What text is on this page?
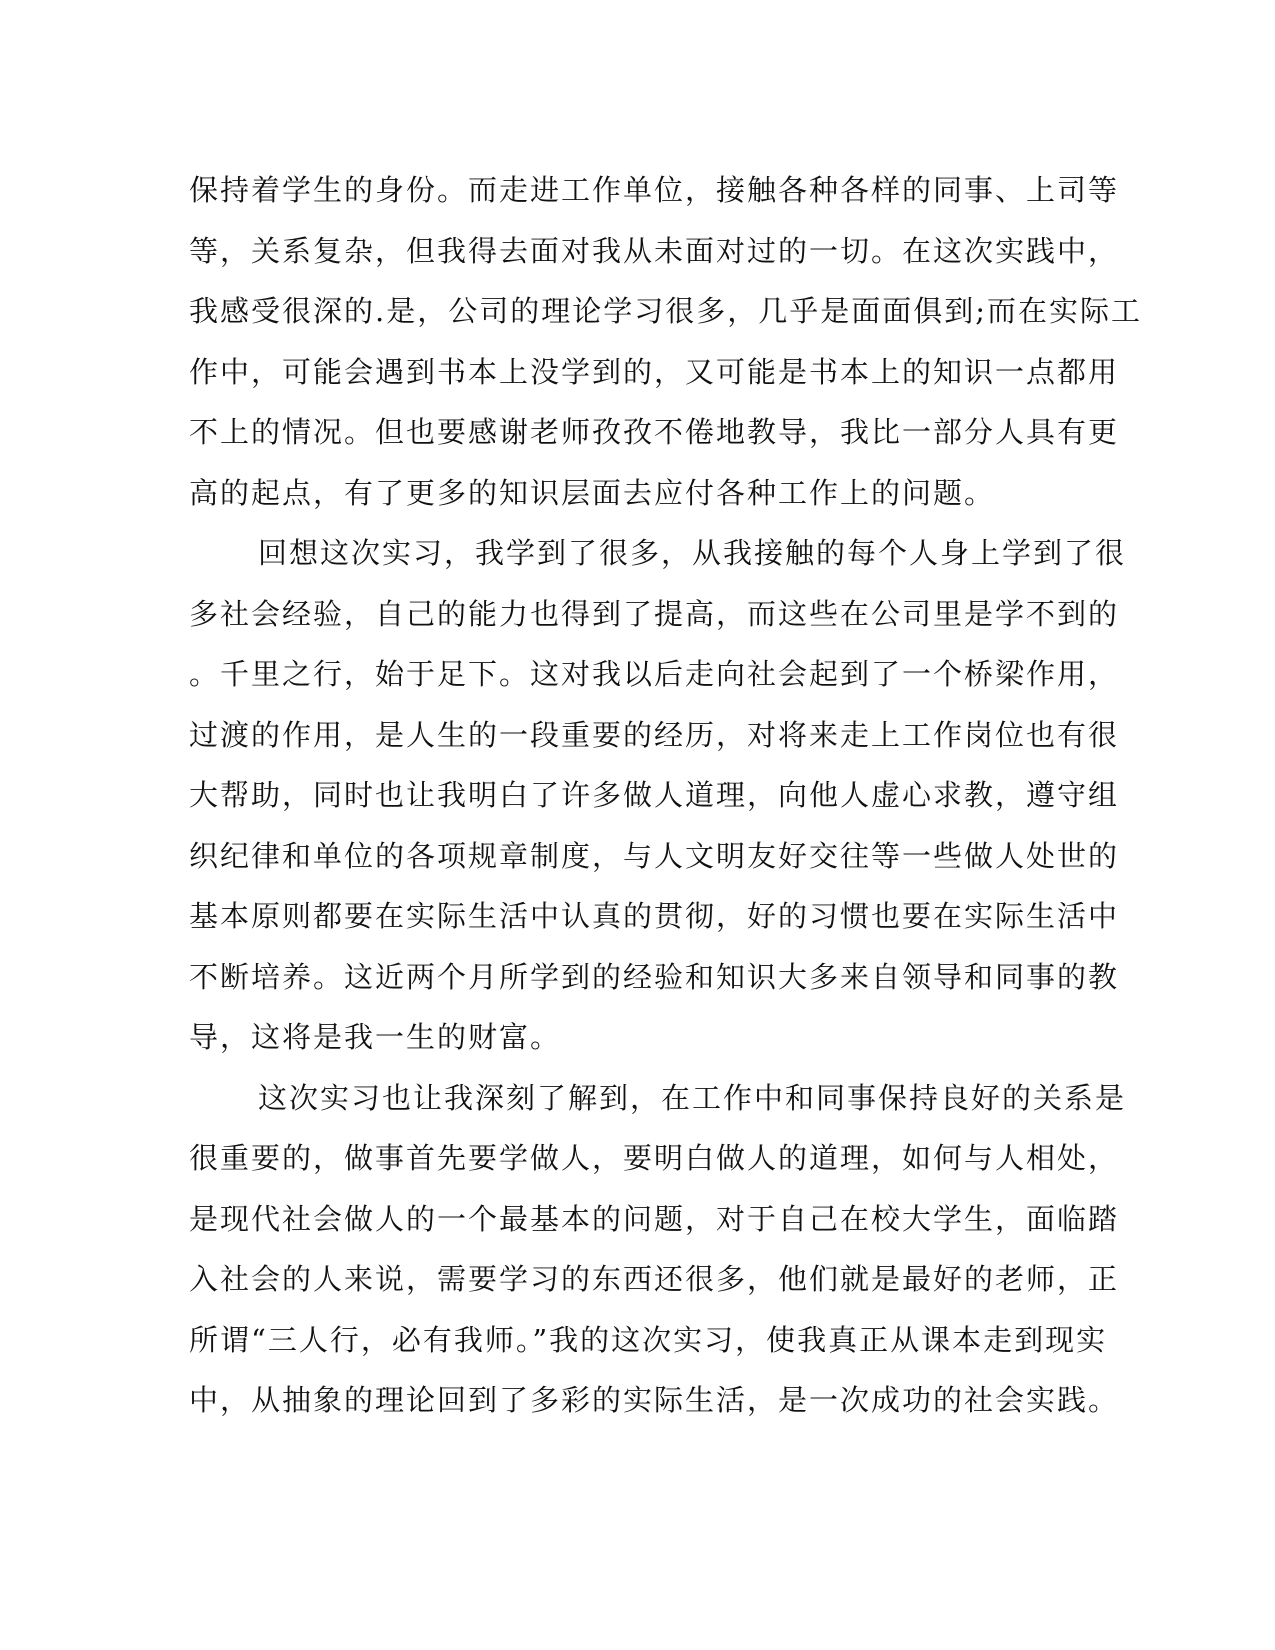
保持着学生的身份。而走进工作单位，接触各种各样的同事、上司等
等，关系复杂，但我得去面对我从未面对过的一切。在这次实践中，
我感受很深的.是，公司的理论学习很多，几乎是面面俱到;而在实际工
作中，可能会遇到书本上没学到的，又可能是书本上的知识一点都用
不上的情况。但也要感谢老师孜孜不倦地教导，我比一部分人具有更
高的起点，有了更多的知识层面去应付各种工作上的问题。
回想这次实习，我学到了很多，从我接触的每个人身上学到了很
多社会经验，自己的能力也得到了提高，而这些在公司里是学不到的
。千里之行，始于足下。这对我以后走向社会起到了一个桥梁作用，
过渡的作用，是人生的一段重要的经历，对将来走上工作岗位也有很
大帮助，同时也让我明白了许多做人道理，向他人虚心求教，遵守组
织纪律和单位的各项规章制度，与人文明友好交往等一些做人处世的
基本原则都要在实际生活中认真的贯彻，好的习惯也要在实际生活中
不断培养。这近两个月所学到的经验和知识大多来自领导和同事的教
导，这将是我一生的财富。
这次实习也让我深刻了解到，在工作中和同事保持良好的关系是
很重要的，做事首先要学做人，要明白做人的道理，如何与人相处，
是现代社会做人的一个最基本的问题，对于自己在校大学生，面临踏
入社会的人来说，需要学习的东西还很多，他们就是最好的老师，正
所谓“三人行，必有我师。”我的这次实习，使我真正从课本走到现实
中，从抽象的理论回到了多彩的实际生活，是一次成功的社会实践。
